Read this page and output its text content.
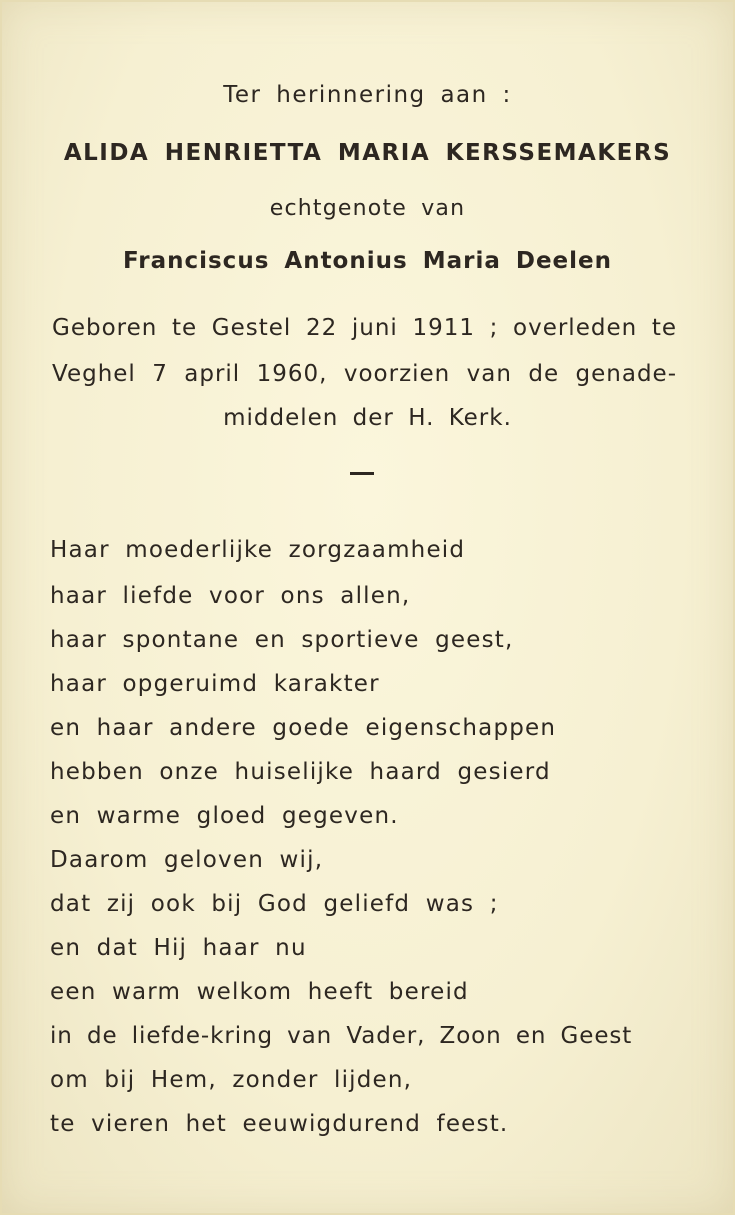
Ter herinnering aan :
ALIDA HENRIETTA MARIA KERSSEMAKERS
echtgenote van
Franciscus Antonius Maria Deelen
Geboren te Gestel 22 juni 1911 ; overleden te
Veghel 7 april 1960, voorzien van de genade-
middelen der H. Kerk.
Haar moederlijke zorgzaamheid
haar liefde voor ons allen,
haar spontane en sportieve geest,
haar opgeruimd karakter
en haar andere goede eigenschappen
hebben onze huiselijke haard gesierd
en warme gloed gegeven.
Daarom geloven wij,
dat zij ook bij God geliefd was ;
en dat Hij haar nu
een warm welkom heeft bereid
in de liefde-kring van Vader, Zoon en Geest
om bij Hem, zonder lijden,
te vieren het eeuwigdurend feest.
